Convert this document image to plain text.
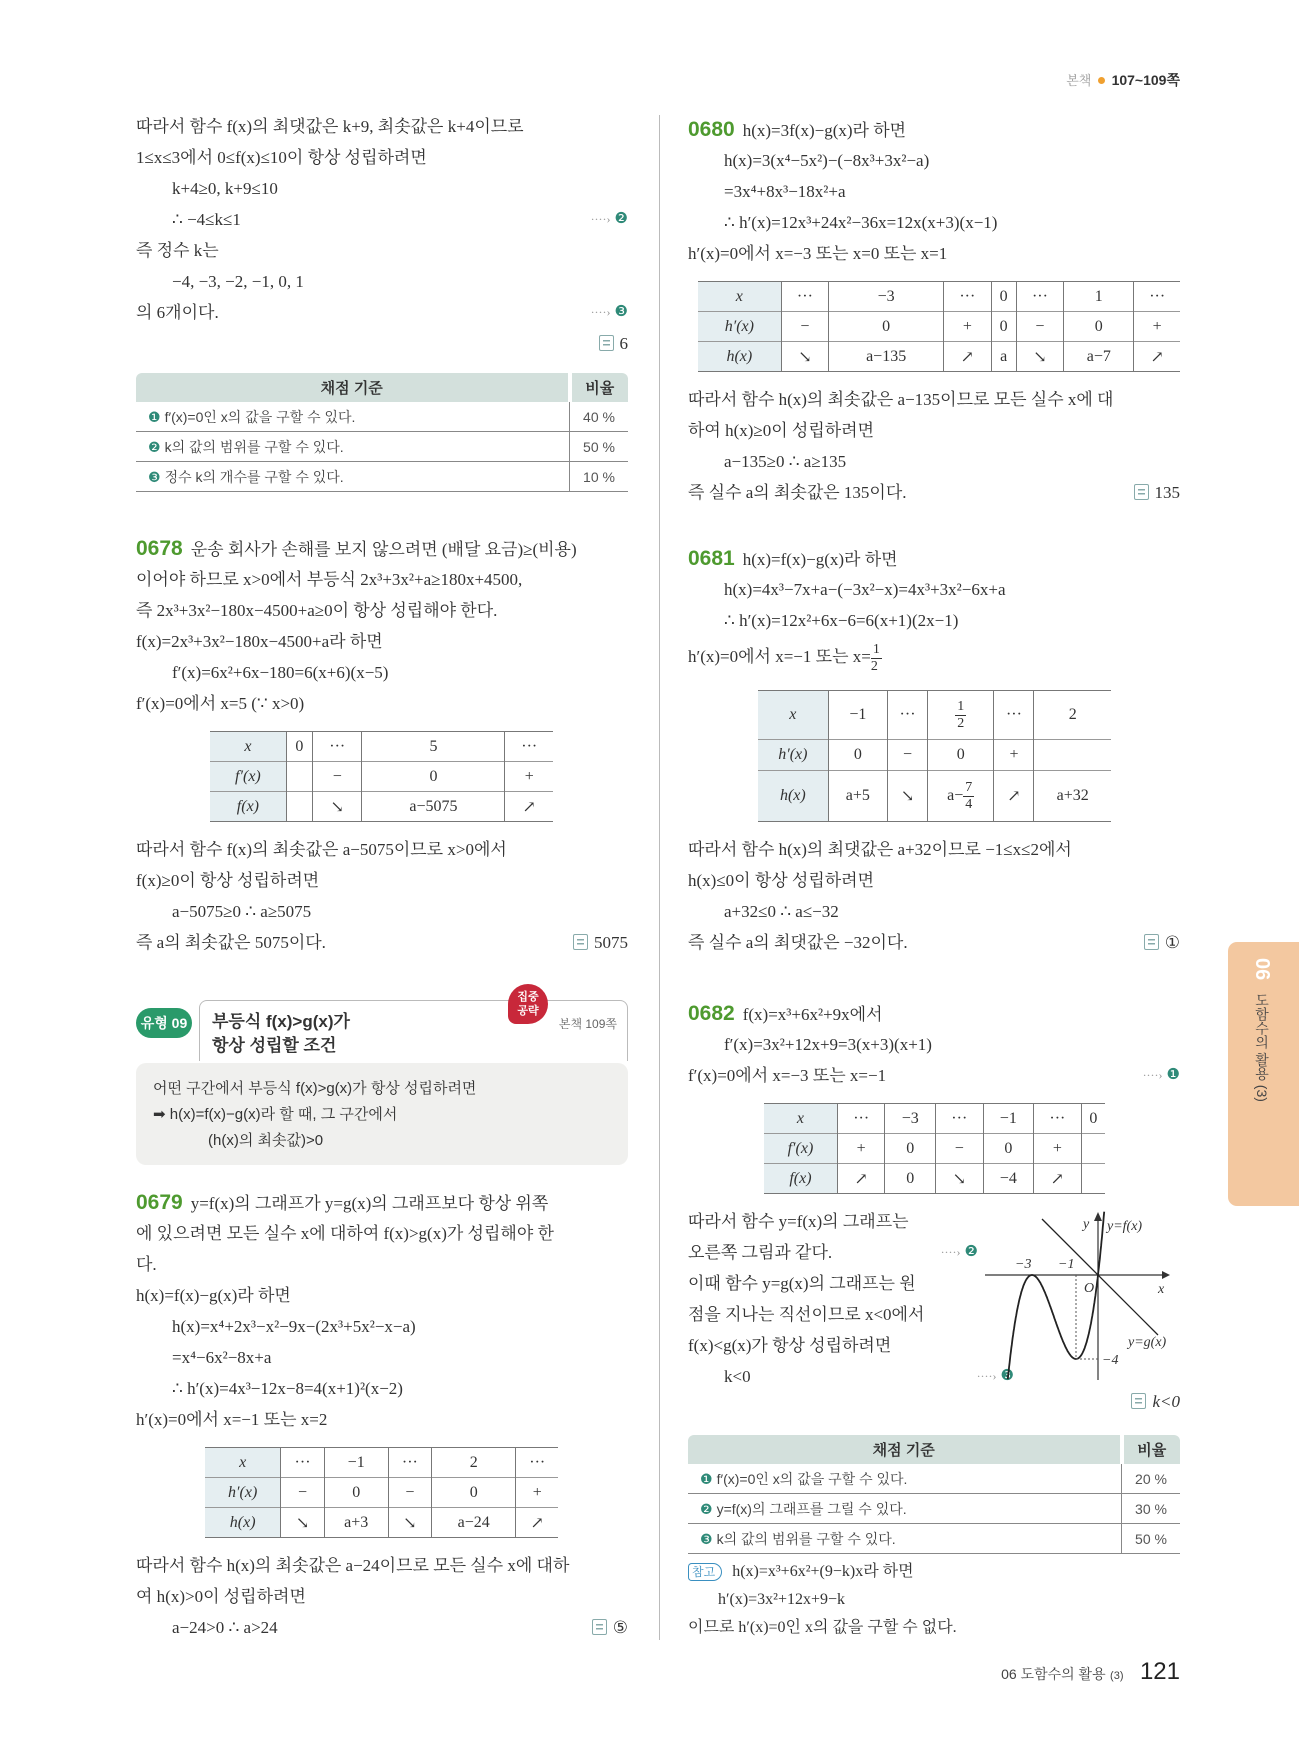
본책 107~109쪽
따라서 함수 f(x)의 최댓값은 k+9, 최솟값은 k+4이므로
1≤x≤3에서 0≤f(x)≤10이 항상 성립하려면
k+4≥0, k+9≤10
∴ −4≤k≤1	····› ❷
즉 정수 k는
−4, −3, −2, −1, 0, 1
의 6개이다.	····› ❸
6
채점 기준	비율
❶ f′(x)=0인 x의 값을 구할 수 있다.	40 %
❷ k의 값의 범위를 구할 수 있다.	50 %
❸ 정수 k의 개수를 구할 수 있다.	10 %
0678 운송 회사가 손해를 보지 않으려면 (배달 요금)≥(비용)
이어야 하므로 x>0에서 부등식 2x³+3x²+a≥180x+4500,
즉 2x³+3x²−180x−4500+a≥0이 항상 성립해야 한다.
f(x)=2x³+3x²−180x−4500+a라 하면
f′(x)=6x²+6x−180=6(x+6)(x−5)
f′(x)=0에서 x=5 (∵ x>0)
x	0	···	5	···
f′(x)		−	0	+
f(x)		↘	a−5075	↗
따라서 함수 f(x)의 최솟값은 a−5075이므로 x>0에서
f(x)≥0이 항상 성립하려면
a−5075≥0 ∴ a≥5075
즉 a의 최솟값은 5075이다.	5075
유형 09 부등식 f(x)>g(x)가
항상 성립할 조건
본책 109쪽
집중 공략
어떤 구간에서 부등식 f(x)>g(x)가 항상 성립하려면
➡ h(x)=f(x)−g(x)라 할 때, 그 구간에서
(h(x)의 최솟값)>0
0679 y=f(x)의 그래프가 y=g(x)의 그래프보다 항상 위쪽
에 있으려면 모든 실수 x에 대하여 f(x)>g(x)가 성립해야 한
다.
h(x)=f(x)−g(x)라 하면
h(x)=x⁴+2x³−x²−9x−(2x³+5x²−x−a)
=x⁴−6x²−8x+a
∴ h′(x)=4x³−12x−8=4(x+1)²(x−2)
h′(x)=0에서 x=−1 또는 x=2
x	···	−1	···	2	···
h′(x)	−	0	−	0	+
h(x)	↘	a+3	↘	a−24	↗
따라서 함수 h(x)의 최솟값은 a−24이므로 모든 실수 x에 대하
여 h(x)>0이 성립하려면
a−24>0 ∴ a>24	⑤
0680 h(x)=3f(x)−g(x)라 하면
h(x)=3(x⁴−5x²)−(−8x³+3x²−a)
=3x⁴+8x³−18x²+a
∴ h′(x)=12x³+24x²−36x=12x(x+3)(x−1)
h′(x)=0에서 x=−3 또는 x=0 또는 x=1
x	···	−3	···	0	···	1	···
h′(x)	−	0	+	0	−	0	+
h(x)	↘	a−135	↗	a	↘	a−7	↗
따라서 함수 h(x)의 최솟값은 a−135이므로 모든 실수 x에 대
하여 h(x)≥0이 성립하려면
a−135≥0 ∴ a≥135
즉 실수 a의 최솟값은 135이다.	135
0681 h(x)=f(x)−g(x)라 하면
h(x)=4x³−7x+a−(−3x²−x)=4x³+3x²−6x+a
∴ h′(x)=12x²+6x−6=6(x+1)(2x−1)
h′(x)=0에서 x=−1 또는 $x= \frac{1}{2}$
x	−1	···	$\frac{1}{2}$	···	2
h′(x)	0	−	0	+	
h(x)	a+5	↘	$a- \frac{7}{4}$	↗	a+32
따라서 함수 h(x)의 최댓값은 a+32이므로 −1≤x≤2에서
h(x)≤0이 항상 성립하려면
a+32≤0 ∴ a≤−32
즉 실수 a의 최댓값은 −32이다.	①
0682 f(x)=x³+6x²+9x에서
f′(x)=3x²+12x+9=3(x+3)(x+1)
f′(x)=0에서 x=−3 또는 x=−1	····› ❶
x	···	−3	···	−1	···	0
f′(x)	+	0	−	0	+	
f(x)	↗	0	↘	−4	↗	
따라서 함수 y=f(x)의 그래프는
오른쪽 그림과 같다.	····› ❷
이때 함수 y=g(x)의 그래프는 원
점을 지나는 직선이므로 x<0에서
f(x)<g(x)가 항상 성립하려면
k<0	····› ❸
y=f(x)
y=g(x)
y
x
O
−3 −1
−4
k<0
채점 기준	비율
❶ f′(x)=0인 x의 값을 구할 수 있다.	20 %
❷ y=f(x)의 그래프를 그릴 수 있다.	30 %
❸ k의 값의 범위를 구할 수 있다.	50 %
참고 h(x)=x³+6x²+(9−k)x라 하면
h′(x)=3x²+12x+9−k
이므로 h′(x)=0인 x의 값을 구할 수 없다.
06 도함수의 활용 (3) 121
06 도함수의 활용 (3)
